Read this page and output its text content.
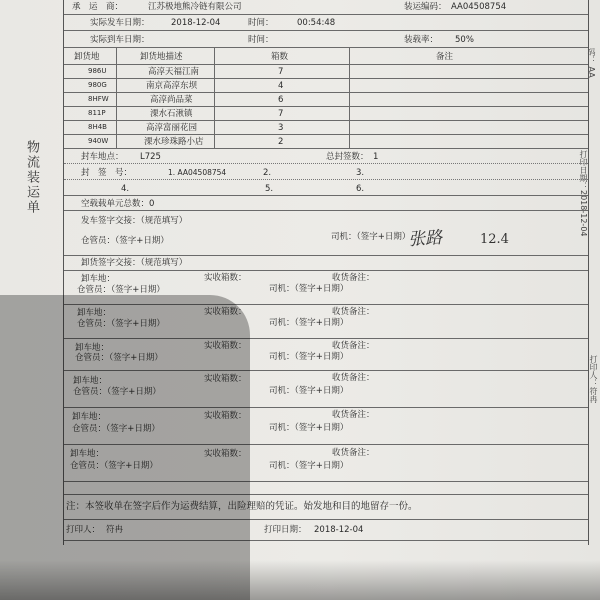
物流装运单	打印日期：2018-12-04
打印人：符冉
码： AA
承　运　商：	江苏极地熊冷链有限公司	装运编码： AA04508754
实际发车日期：	2018-12-04	时间：	00:54:48
实际到车日期：	时间：	装载率： 50%
卸货地	卸货地描述	箱数	备注
986U	高淳天福江南	7
980G	南京高淳东坝	4
8HFW	高淳尚品菜	6
811P	溧水石湫镇	7
8H4B	高淳富丽花园	3
940W	溧水珍珠路小店	2
封车地点： L725	总封签数： 1
封　签　号：	1. AA04508754	2.	3.
4.	5.	6.
空载载单元总数：0
发车签字交接：（规范填写）
仓管员：（签字+日期）	司机：（签字+日期）
卸货签字交接：（规范填写）
卸车地：	实收箱数：	收货备注：
仓管员：（签字+日期）	司机：（签字+日期）
卸车地：	实收箱数：	收货备注：
仓管员：（签字+日期）	司机：（签字+日期）
卸车地：	实收箱数：	收货备注：
仓管员：（签字+日期）	司机：（签字+日期）
卸车地：	实收箱数：	收货备注：
仓管员：（签字+日期）	司机：（签字+日期）
卸车地：	实收箱数：	收货备注：
仓管员：（签字+日期）	司机：（签字+日期）
卸车地：	实收箱数：	收货备注：
仓管员：（签字+日期）	司机：（签字+日期）
注：本签收单在签字后作为运费结算，出险理赔的凭证。始发地和目的地留存一份。
打印人： 符冉	打印日期： 2018-12-04
张路	12.4
